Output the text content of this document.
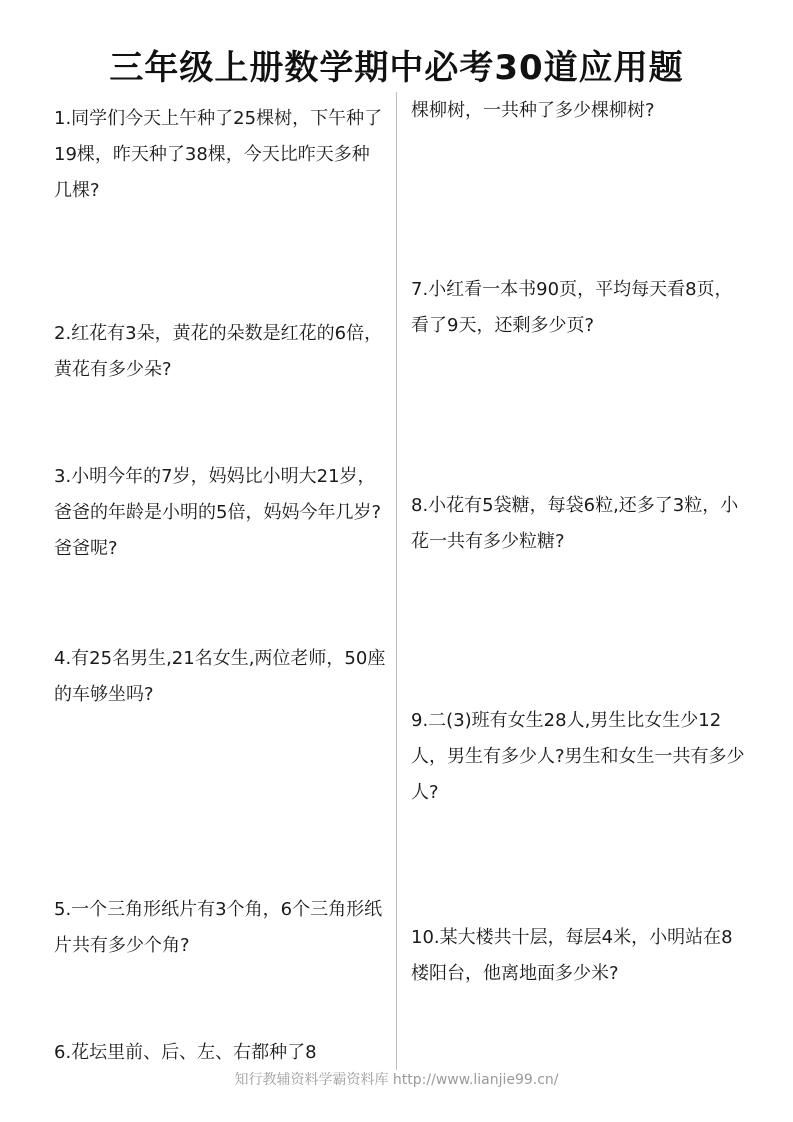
三年级上册数学期中必考30道应用题

1.同学们今天上午种了25棵树，下午种了19棵，昨天种了38棵，今天比昨天多种几棵?

2.红花有3朵，黄花的朵数是红花的6倍，黄花有多少朵?

3.小明今年的7岁，妈妈比小明大21岁，爸爸的年龄是小明的5倍，妈妈今年几岁? 爸爸呢?

4.有25名男生,21名女生,两位老师，50座的车够坐吗?

5.一个三角形纸片有3个角，6个三角形纸片共有多少个角?

6.花坛里前、后、左、右都种了8

棵柳树，一共种了多少棵柳树?

7.小红看一本书90页，平均每天看8页，看了9天，还剩多少页?

8.小花有5袋糖，每袋6粒,还多了3粒，小花一共有多少粒糖?

9.二(3)班有女生28人,男生比女生少12人，男生有多少人?男生和女生一共有多少人?

10.某大楼共十层，每层4米，小明站在8楼阳台，他离地面多少米?

知行教辅资料学霸资料库 http://www.lianjie99.cn/
